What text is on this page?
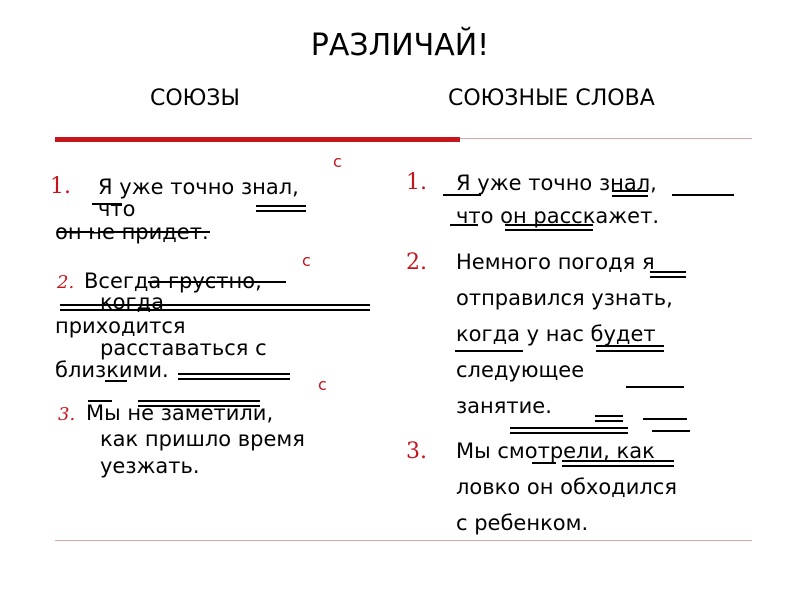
РАЗЛИЧАЙ!
СОЮЗЫ	СОЮЗНЫЕ СЛОВА
с
1. Я уже точно знал,
что
он не придет.
с
2. Всегда грустно,
когда
приходится
расставаться с
близкими.
с
3. Мы не заметили,
как пришло время
уезжать.
1. Я уже точно знал,
что он расскажет.
2. Немного погодя я
отправился узнать,
когда у нас будет
следующее
занятие.
3. Мы смотрели, как
ловко он обходился
с ребенком.
